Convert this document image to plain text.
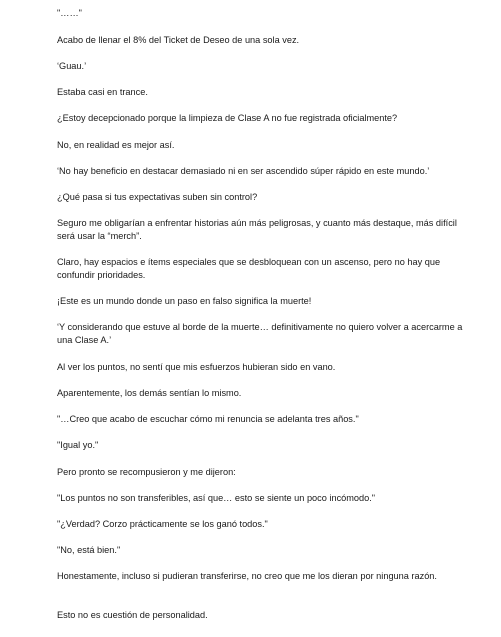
"……"

Acabo de llenar el 8% del Ticket de Deseo de una sola vez.

‘Guau.’

Estaba casi en trance.

¿Estoy decepcionado porque la limpieza de Clase A no fue registrada oficialmente?

No, en realidad es mejor así.

‘No hay beneficio en destacar demasiado ni en ser ascendido súper rápido en este mundo.’

¿Qué pasa si tus expectativas suben sin control?

Seguro me obligarían a enfrentar historias aún más peligrosas, y cuanto más destaque, más difícil será usar la “merch”.

Claro, hay espacios e ítems especiales que se desbloquean con un ascenso, pero no hay que confundir prioridades.

¡Este es un mundo donde un paso en falso significa la muerte!

‘Y considerando que estuve al borde de la muerte… definitivamente no quiero volver a acercarme a una Clase A.’

Al ver los puntos, no sentí que mis esfuerzos hubieran sido en vano.

Aparentemente, los demás sentían lo mismo.

"…Creo que acabo de escuchar cómo mi renuncia se adelanta tres años."

"Igual yo."

Pero pronto se recompusieron y me dijeron:

"Los puntos no son transferibles, así que… esto se siente un poco incómodo."

"¿Verdad? Corzo prácticamente se los ganó todos."

"No, está bien."

Honestamente, incluso si pudieran transferirse, no creo que me los dieran por ninguna razón.

Esto no es cuestión de personalidad.
